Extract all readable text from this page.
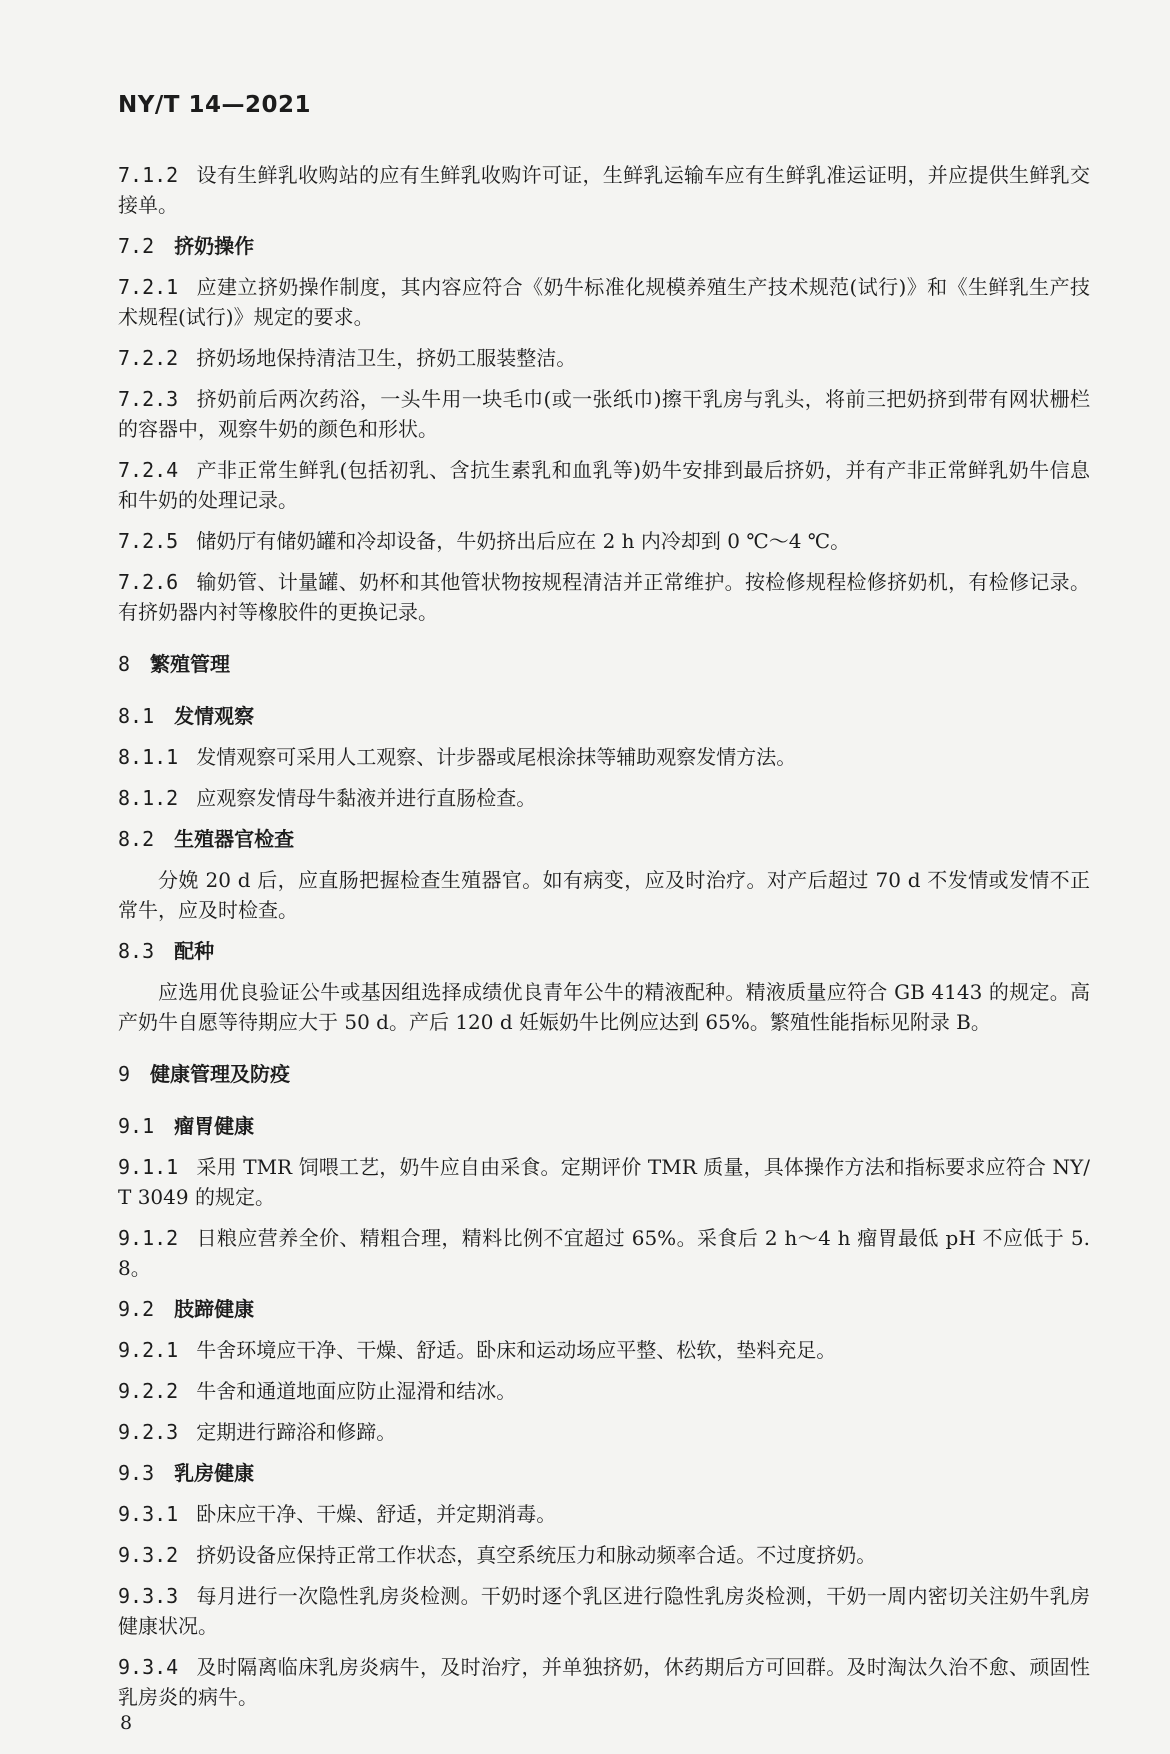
NY/T 14—2021

7.1.2 设有生鲜乳收购站的应有生鲜乳收购许可证，生鲜乳运输车应有生鲜乳准运证明，并应提供生鲜乳交接单。

7.2 挤奶操作

7.2.1 应建立挤奶操作制度，其内容应符合《奶牛标准化规模养殖生产技术规范(试行)》和《生鲜乳生产技术规程(试行)》规定的要求。

7.2.2 挤奶场地保持清洁卫生，挤奶工服装整洁。

7.2.3 挤奶前后两次药浴，一头牛用一块毛巾(或一张纸巾)擦干乳房与乳头，将前三把奶挤到带有网状栅栏的容器中，观察牛奶的颜色和形状。

7.2.4 产非正常生鲜乳(包括初乳、含抗生素乳和血乳等)奶牛安排到最后挤奶，并有产非正常鲜乳奶牛信息和牛奶的处理记录。

7.2.5 储奶厅有储奶罐和冷却设备，牛奶挤出后应在 2 h 内冷却到 0 ℃～4 ℃。

7.2.6 输奶管、计量罐、奶杯和其他管状物按规程清洁并正常维护。按检修规程检修挤奶机，有检修记录。有挤奶器内衬等橡胶件的更换记录。

8 繁殖管理
8.1 发情观察

8.1.1 发情观察可采用人工观察、计步器或尾根涂抹等辅助观察发情方法。

8.1.2 应观察发情母牛黏液并进行直肠检查。

8.2 生殖器官检查

分娩 20 d 后，应直肠把握检查生殖器官。如有病变，应及时治疗。对产后超过 70 d 不发情或发情不正常牛，应及时检查。

8.3 配种

应选用优良验证公牛或基因组选择成绩优良青年公牛的精液配种。精液质量应符合 GB 4143 的规定。高产奶牛自愿等待期应大于 50 d。产后 120 d 妊娠奶牛比例应达到 65%。繁殖性能指标见附录 B。

9 健康管理及防疫
9.1 瘤胃健康

9.1.1 采用 TMR 饲喂工艺，奶牛应自由采食。定期评价 TMR 质量，具体操作方法和指标要求应符合 NY/T 3049 的规定。

9.1.2 日粮应营养全价、精粗合理，精料比例不宜超过 65%。采食后 2 h～4 h 瘤胃最低 pH 不应低于 5.8。

9.2 肢蹄健康

9.2.1 牛舍环境应干净、干燥、舒适。卧床和运动场应平整、松软，垫料充足。

9.2.2 牛舍和通道地面应防止湿滑和结冰。

9.2.3 定期进行蹄浴和修蹄。

9.3 乳房健康

9.3.1 卧床应干净、干燥、舒适，并定期消毒。

9.3.2 挤奶设备应保持正常工作状态，真空系统压力和脉动频率合适。不过度挤奶。

9.3.3 每月进行一次隐性乳房炎检测。干奶时逐个乳区进行隐性乳房炎检测，干奶一周内密切关注奶牛乳房健康状况。

9.3.4 及时隔离临床乳房炎病牛，及时治疗，并单独挤奶，休药期后方可回群。及时淘汰久治不愈、顽固性乳房炎的病牛。

8
